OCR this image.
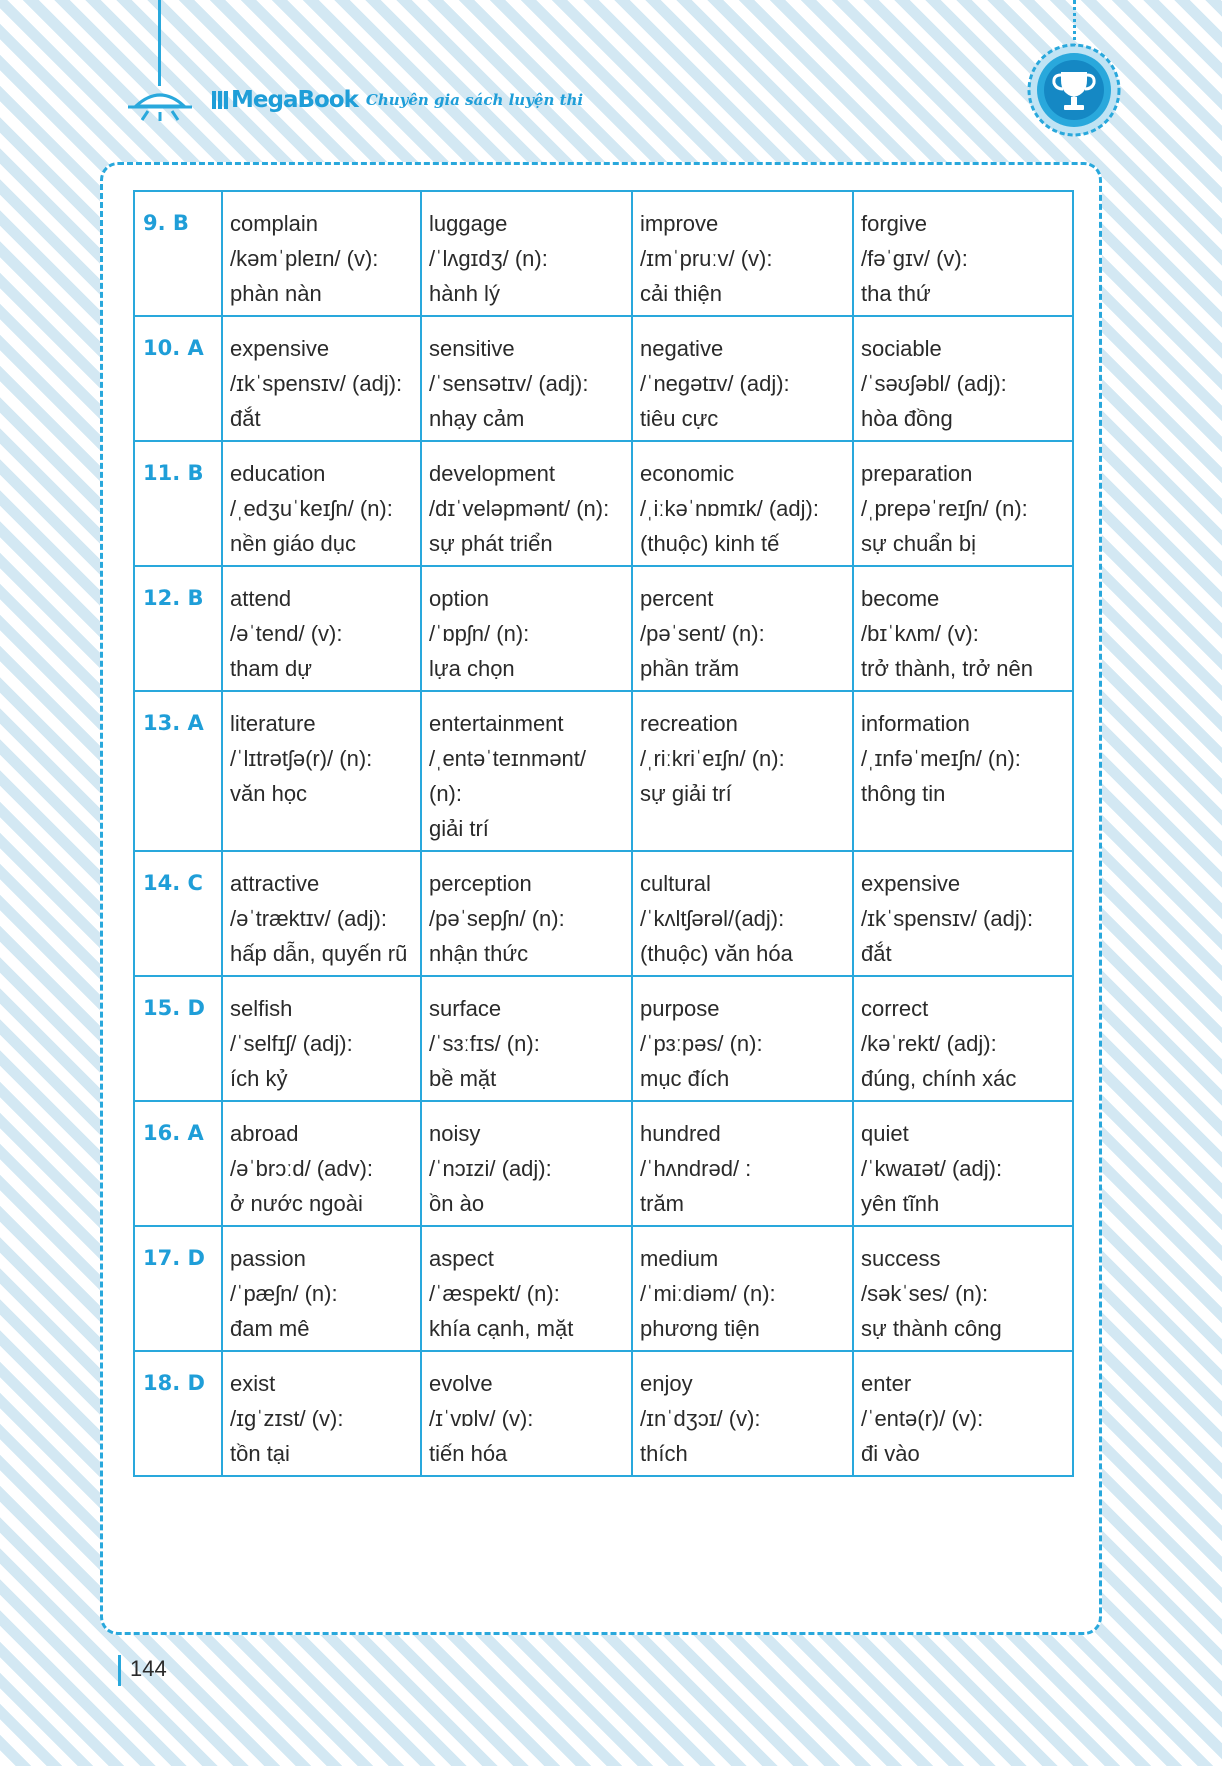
MegaBook Chuyên gia sách luyện thi
9. B	complain
/kəmˈpleɪn/ (v):
phàn nàn	luggage
/ˈlʌɡɪdʒ/ (n):
hành lý	improve
/ɪmˈpruːv/ (v):
cải thiện	forgive
/fəˈɡɪv/ (v):
tha thứ

10. A	expensive
/ɪkˈspensɪv/ (adj):
đắt	sensitive
/ˈsensətɪv/ (adj):
nhạy cảm	negative
/ˈneɡətɪv/ (adj):
tiêu cực	sociable
/ˈsəʊʃəbl/ (adj):
hòa đồng

11. B	education
/ˌedʒuˈkeɪʃn/ (n):
nền giáo dục	development
/dɪˈveləpmənt/ (n):
sự phát triển	economic
/ˌiːkəˈnɒmɪk/ (adj):
(thuộc) kinh tế	preparation
/ˌprepəˈreɪʃn/ (n):
sự chuẩn bị

12. B	attend
/əˈtend/ (v):
tham dự	option
/ˈɒpʃn/ (n):
lựa chọn	percent
/pəˈsent/ (n):
phần trăm	become
/bɪˈkʌm/ (v):
trở thành, trở nên

13. A	literature
/ˈlɪtrətʃə(r)/ (n):
văn học	entertainment
/ˌentəˈteɪnmənt/ (n):
giải trí	recreation
/ˌriːkriˈeɪʃn/ (n):
sự giải trí	information
/ˌɪnfəˈmeɪʃn/ (n):
thông tin

14. C	attractive
/əˈtræktɪv/ (adj):
hấp dẫn, quyến rũ	perception
/pəˈsepʃn/ (n):
nhận thức	cultural
/ˈkʌltʃərəl/(adj):
(thuộc) văn hóa	expensive
/ɪkˈspensɪv/ (adj):
đắt

15. D	selfish
/ˈselfɪʃ/ (adj):
ích kỷ	surface
/ˈsɜːfɪs/ (n):
bề mặt	purpose
/ˈpɜːpəs/ (n):
mục đích	correct
/kəˈrekt/ (adj):
đúng, chính xác

16. A	abroad
/əˈbrɔːd/ (adv):
ở nước ngoài	noisy
/ˈnɔɪzi/ (adj):
ồn ào	hundred
/ˈhʌndrəd/ :
trăm	quiet
/ˈkwaɪət/ (adj):
yên tĩnh

17. D	passion
/ˈpæʃn/ (n):
đam mê	aspect
/ˈæspekt/ (n):
khía cạnh, mặt	medium
/ˈmiːdiəm/ (n):
phương tiện	success
/səkˈses/ (n):
sự thành công

18. D	exist
/ɪɡˈzɪst/ (v):
tồn tại	evolve
/ɪˈvɒlv/ (v):
tiến hóa	enjoy
/ɪnˈdʒɔɪ/ (v):
thích	enter
/ˈentə(r)/ (v):
đi vào
144
